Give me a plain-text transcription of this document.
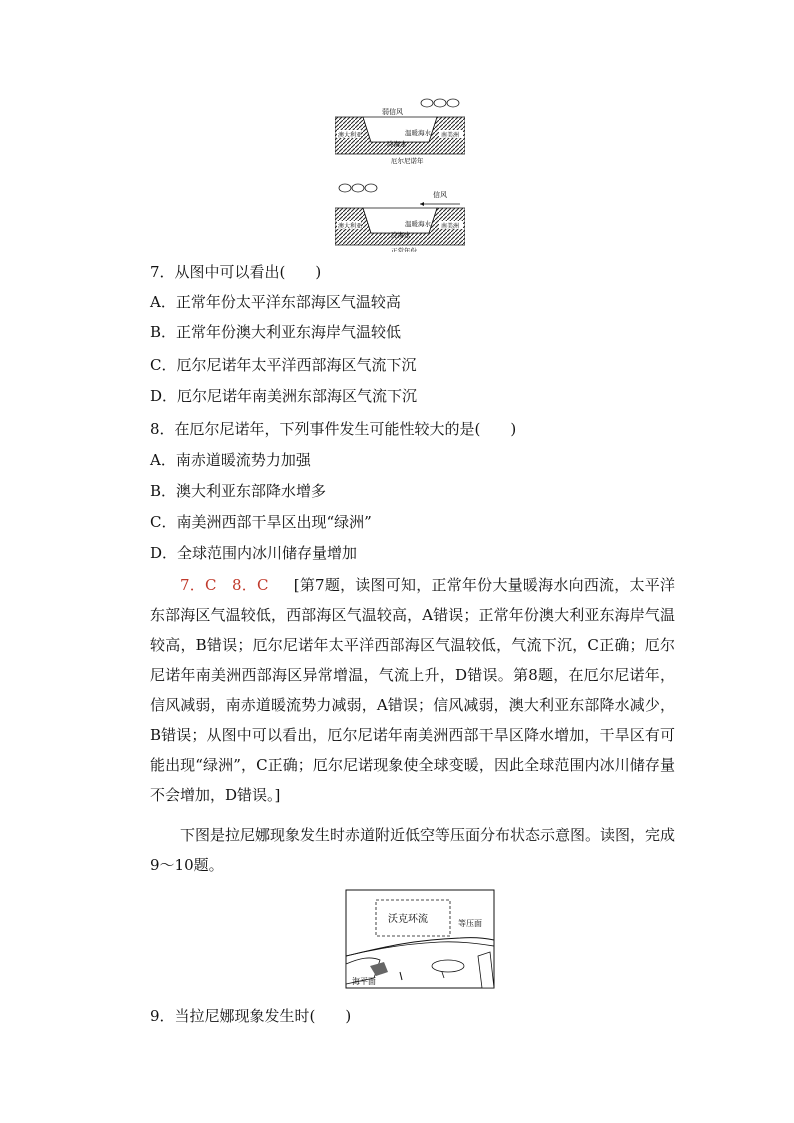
弱信风
澳大利亚	南美洲
温暖海水
冷海水
厄尔尼诺年
信风
澳大利亚	南美洲
温暖海水
冷海水
正常年份
7．从图中可以看出(　　)
A．正常年份太平洋东部海区气温较高
B．正常年份澳大利亚东海岸气温较低
C．厄尔尼诺年太平洋西部海区气流下沉
D．厄尔尼诺年南美洲东部海区气流下沉
8．在厄尔尼诺年，下列事件发生可能性较大的是(　　)
A．南赤道暖流势力加强
B．澳大利亚东部降水增多
C．南美洲西部干旱区出现“绿洲”
D．全球范围内冰川储存量增加
7．C　8．C 　 [第7题，读图可知，正常年份大量暖海水向西流，太平洋东部海区气温较低，西部海区气温较高，A错误；正常年份澳大利亚东海岸气温较高，B错误；厄尔尼诺年太平洋西部海区气温较低，气流下沉，C正确；厄尔尼诺年南美洲西部海区异常增温，气流上升，D错误。第8题，在厄尔尼诺年，信风减弱，南赤道暖流势力减弱，A错误；信风减弱，澳大利亚东部降水减少，B错误；从图中可以看出，厄尔尼诺年南美洲西部干旱区降水增加，干旱区有可能出现“绿洲”，C正确；厄尔尼诺现象使全球变暖，因此全球范围内冰川储存量不会增加，D错误。]
下图是拉尼娜现象发生时赤道附近低空等压面分布状态示意图。读图，完成9～10题。
沃克环流	等压面
海平面
9．当拉尼娜现象发生时(　　)
